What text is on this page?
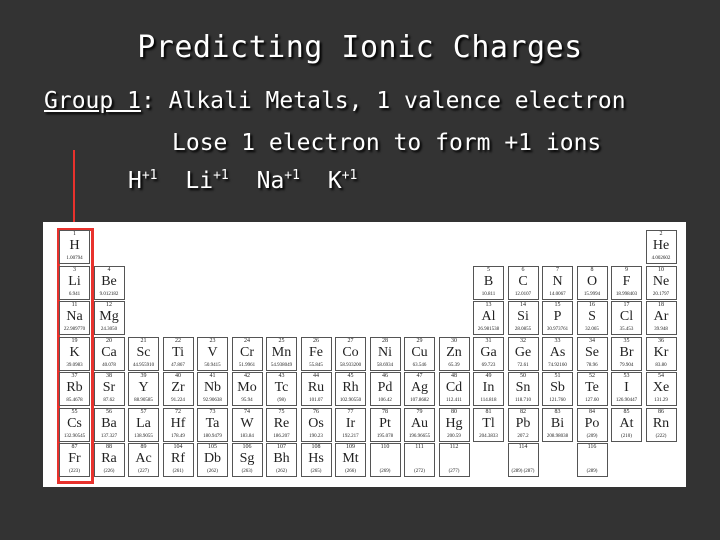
Predicting Ionic Charges
Group 1: Alkali Metals, 1 valence electron
Lose 1 electron to form +1 ions
$H^{+1}$ $Li^{+1}$ $Na^{+1}$ $K^{+1}$
1
H
1.00794
2
He
4.002602
3
Li
6.941
4
Be
9.012182
5
B
10.811
6
C
12.0107
7
N
14.0067
8
O
15.9994
9
F
18.998403
10
Ne
20.1797
11
Na
22.989770
12
Mg
24.3050
13
Al
26.981538
14
Si
28.0855
15
P
30.973761
16
S
32.065
17
Cl
35.453
18
Ar
39.948
19
K
39.0983
20
Ca
40.078
21
Sc
44.955910
22
Ti
47.867
23
V
50.9415
24
Cr
51.9961
25
Mn
54.938049
26
Fe
55.845
27
Co
58.933200
28
Ni
58.6934
29
Cu
63.546
30
Zn
65.39
31
Ga
69.723
32
Ge
72.61
33
As
74.92160
34
Se
78.96
35
Br
79.904
36
Kr
83.80
37
Rb
85.4678
38
Sr
87.62
39
Y
88.90585
40
Zr
91.224
41
Nb
92.90638
42
Mo
95.94
43
Tc
(98)
44
Ru
101.07
45
Rh
102.90550
46
Pd
106.42
47
Ag
107.8682
48
Cd
112.411
49
In
114.818
50
Sn
118.710
51
Sb
121.760
52
Te
127.60
53
I
126.90447
54
Xe
131.29
55
Cs
132.90545
56
Ba
137.327
57
La
138.9055
72
Hf
178.49
73
Ta
180.9479
74
W
183.84
75
Re
186.207
76
Os
190.23
77
Ir
192.217
78
Pt
195.078
79
Au
196.96655
80
Hg
200.59
81
Tl
204.3833
82
Pb
207.2
83
Bi
208.98038
84
Po
(209)
85
At
(210)
86
Rn
(222)
87
Fr
(223)
88
Ra
(226)
89
Ac
(227)
104
Rf
(261)
105
Db
(262)
106
Sg
(263)
107
Bh
(262)
108
Hs
(265)
109
Mt
(266)
110
(269)
111
(272)
112
(277)
114
(289) (287)
116
(289)
